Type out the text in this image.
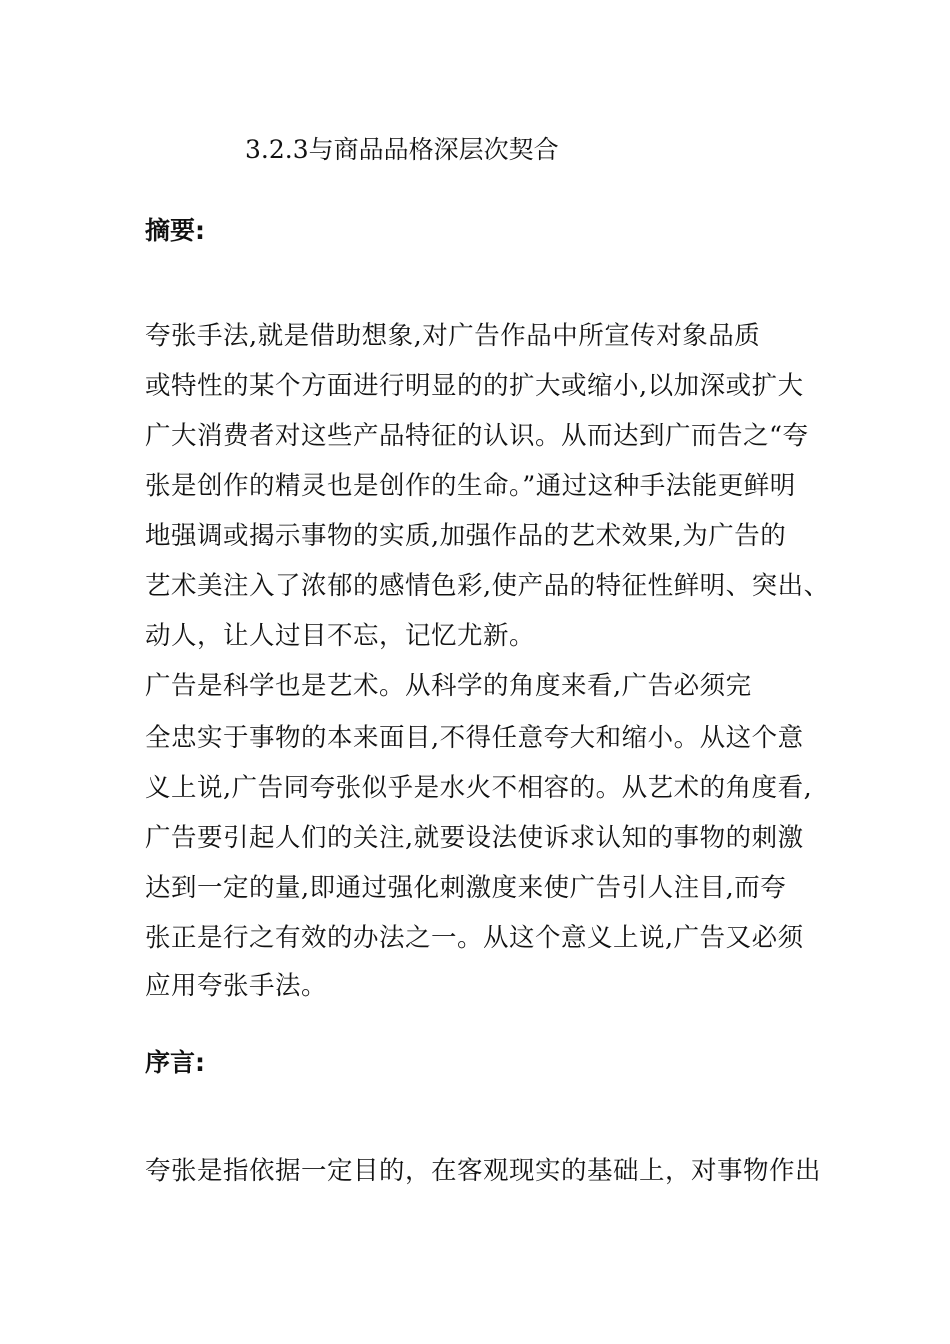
3.2.3与商品品格深层次契合
摘要:
夸张手法,就是借助想象,对广告作品中所宣传对象品质
或特性的某个方面进行明显的的扩大或缩小,以加深或扩大
广大消费者对这些产品特征的认识。从而达到广而告之“夸
张是创作的精灵也是创作的生命。”通过这种手法能更鲜明
地强调或揭示事物的实质,加强作品的艺术效果,为广告的
艺术美注入了浓郁的感情色彩,使产品的特征性鲜明、突出、
动人，让人过目不忘，记忆尤新。
广告是科学也是艺术。从科学的角度来看,广告必须完
全忠实于事物的本来面目,不得任意夸大和缩小。从这个意
义上说,广告同夸张似乎是水火不相容的。从艺术的角度看,
广告要引起人们的关注,就要设法使诉求认知的事物的刺激
达到一定的量,即通过强化刺激度来使广告引人注目,而夸
张正是行之有效的办法之一。从这个意义上说,广告又必须
应用夸张手法。
序言:
夸张是指依据一定目的，在客观现实的基础上，对事物作出
